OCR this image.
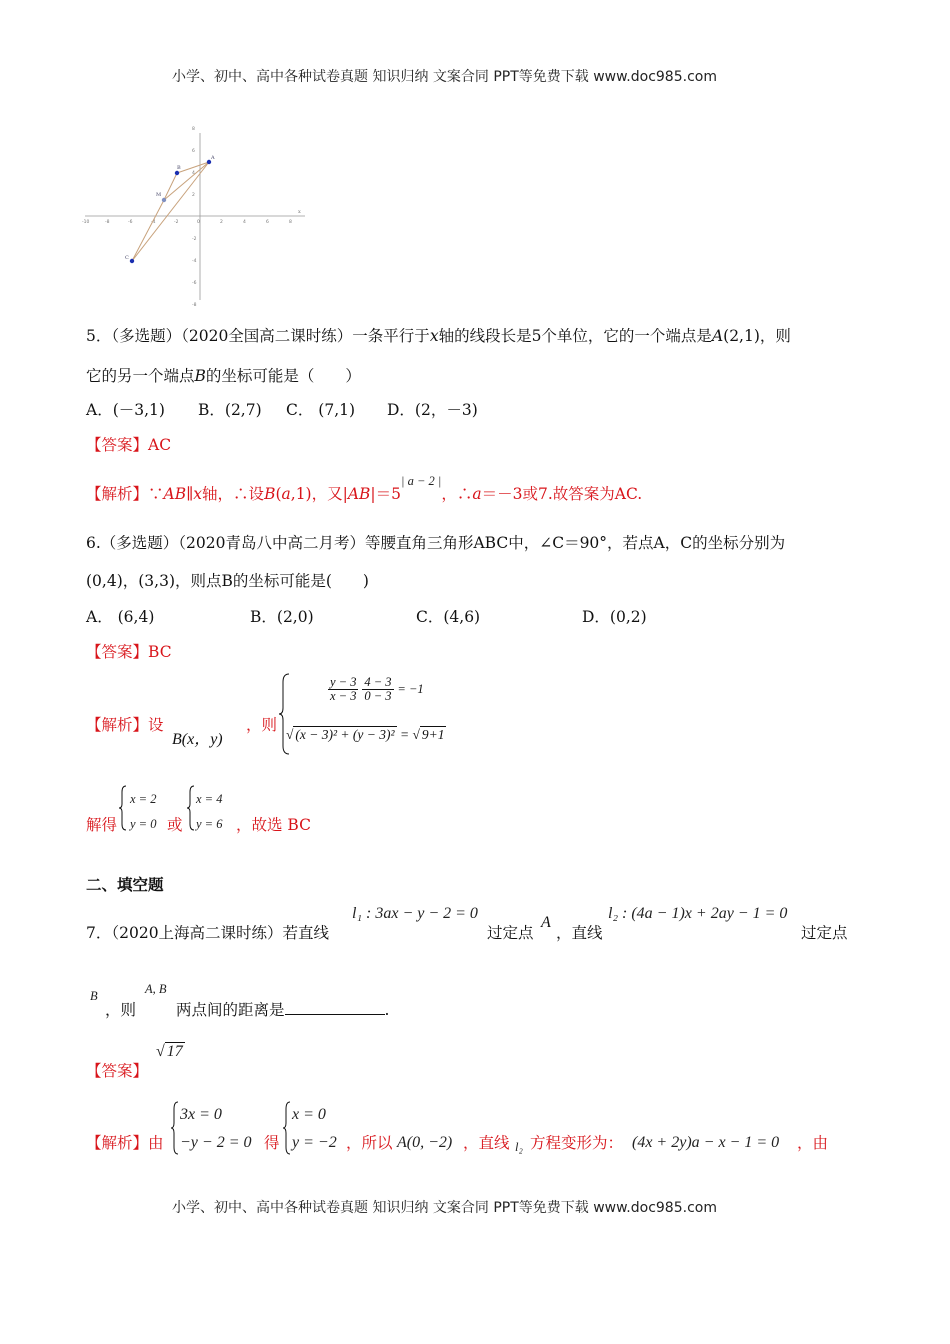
小学、初中、高中各种试卷真题 知识归纳 文案合同 PPT等免费下载 www.doc985.com
-10	-8	-6	-4	-2	0	2	4	6	8
8
6
4
2
-2
-4
-6
-8
x
B
A
M
C
5．（多选题）（2020全国高二课时练）一条平行于x轴的线段长是5个单位，它的一个端点是A(2,1)，则
它的另一个端点B的坐标可能是（　　）
A．(－3,1) B．(2,7) C． (7,1) D．(2，－3)
【答案】AC
【解析】∵AB∥x轴，∴设B(a,1)，又$|AB|=5^{| a - 2 |}$，∴a＝－3或7.故答案为AC.
6.（多选题）（2020青岛八中高二月考）等腰直角三角形ABC中，∠C＝90°，若点A，C的坐标分别为
(0,4)，(3,3)，则点B的坐标可能是(　　)
A． (6,4)	B．(2,0)	C．(4,6)	D．(0,2)
【答案】BC
【解析】设
B(x，y)
，则
$\frac{y - 3}{x - 3}$
$\frac{4 - 3}{0 - 3} = -1$
√ (x − 3)² + (y − 3)² = √ 9+1
解得
x = 2
y = 0 或
x = 4
y = 6 ，故选 BC
二、填空题
7．（2020上海高二课时练）若直线
l₁ : 3ax − y − 2 = 0
过定点
A
，直线
l₂ : (4a − 1)x + 2ay − 1 = 0
过定点
B
，则
A, B
两点间的距离是	.
【答案】
√ 17
【解析】由
3x = 0
−y − 2 = 0 得
x = 0
y = −2 ，所以 A(0, −2) ，直线 l₂ 方程变形为： (4x + 2y)a − x − 1 = 0 ，由
小学、初中、高中各种试卷真题 知识归纳 文案合同 PPT等免费下载 www.doc985.com
